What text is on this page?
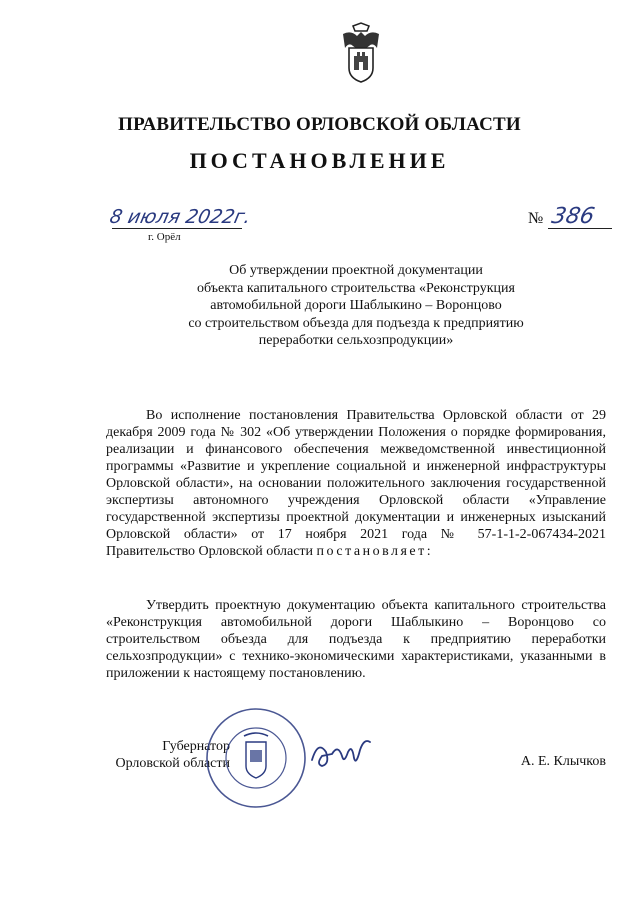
ПРАВИТЕЛЬСТВО ОРЛОВСКОЙ ОБЛАСТИ
ПОСТАНОВЛЕНИЕ
8 июля 2022г.
г. Орёл
№ 386
Об утверждении проектной документации
объекта капитального строительства «Реконструкция
автомобильной дороги Шаблыкино – Воронцово
со строительством объезда для подъезда к предприятию
переработки сельхозпродукции»

Во исполнение постановления Правительства Орловской области от 29 декабря 2009 года № 302 «Об утверждении Положения о порядке формирования, реализации и финансового обеспечения межведомственной инвестиционной программы «Развитие и укрепление социальной и инженерной инфраструктуры Орловской области», на основании положительного заключения государственной экспертизы автономного учреждения Орловской области «Управление государственной экспертизы проектной документации и инженерных изысканий Орловской области» от 17 ноября 2021 года № 57-1-1-2-067434-2021 Правительство Орловской области постановляет:

Утвердить проектную документацию объекта капитального строительства «Реконструкция автомобильной дороги Шаблыкино – Воронцово со строительством объезда для подъезда к предприятию переработки сельхозпродукции» с технико-экономическими характеристиками, указанными в приложении к настоящему постановлению.

Губернатор
Орловской области	А. Е. Клычков
